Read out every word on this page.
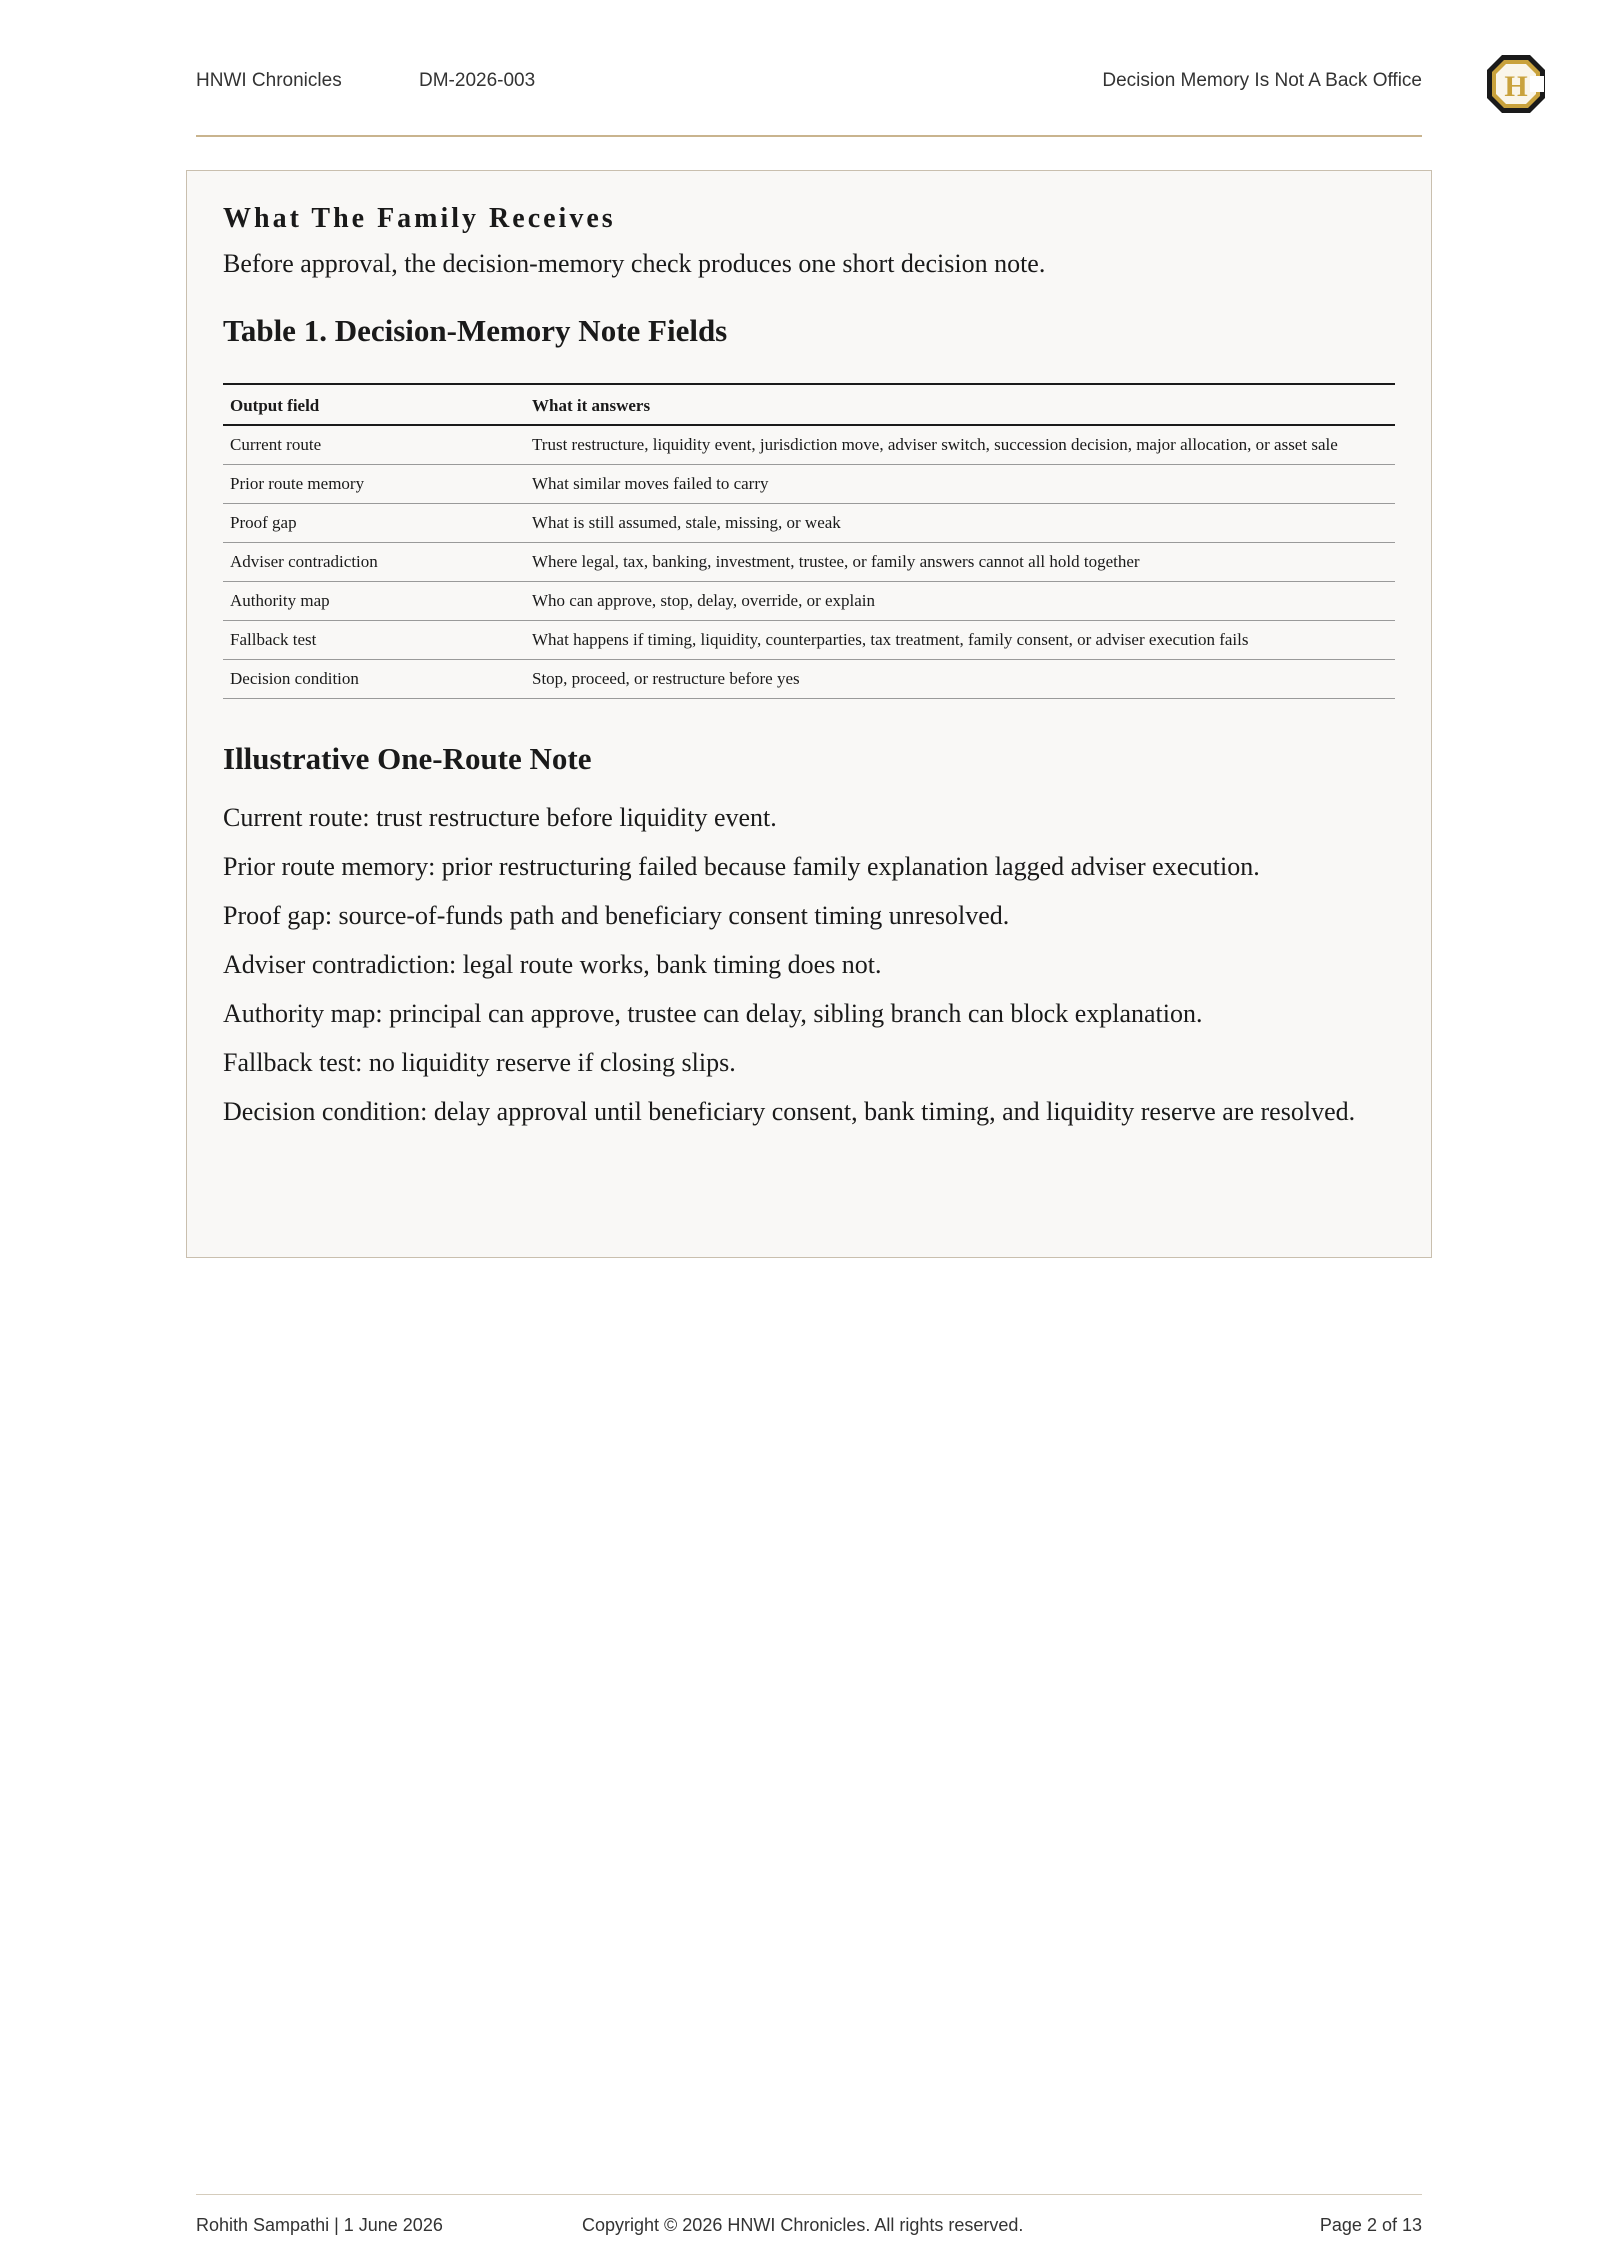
HNWI Chronicles	DM-2026-003	Decision Memory Is Not A Back Office	H
What The Family Receives

Before approval, the decision-memory check produces one short decision note.

Table 1. Decision-Memory Note Fields
Output field	What it answers
Current route	Trust restructure, liquidity event, jurisdiction move, adviser switch, succession decision, major allocation, or asset sale
Prior route memory	What similar moves failed to carry
Proof gap	What is still assumed, stale, missing, or weak
Adviser contradiction	Where legal, tax, banking, investment, trustee, or family answers cannot all hold together
Authority map	Who can approve, stop, delay, override, or explain
Fallback test	What happens if timing, liquidity, counterparties, tax treatment, family consent, or adviser execution fails
Decision condition	Stop, proceed, or restructure before yes
Illustrative One-Route Note

Current route: trust restructure before liquidity event.

Prior route memory: prior restructuring failed because family explanation lagged adviser execution.

Proof gap: source-of-funds path and beneficiary consent timing unresolved.

Adviser contradiction: legal route works, bank timing does not.

Authority map: principal can approve, trustee can delay, sibling branch can block explanation.

Fallback test: no liquidity reserve if closing slips.

Decision condition: delay approval until beneficiary consent, bank timing, and liquidity reserve are resolved.

Rohith Sampathi | 1 June 2026	Copyright © 2026 HNWI Chronicles. All rights reserved.	Page 2 of 13
